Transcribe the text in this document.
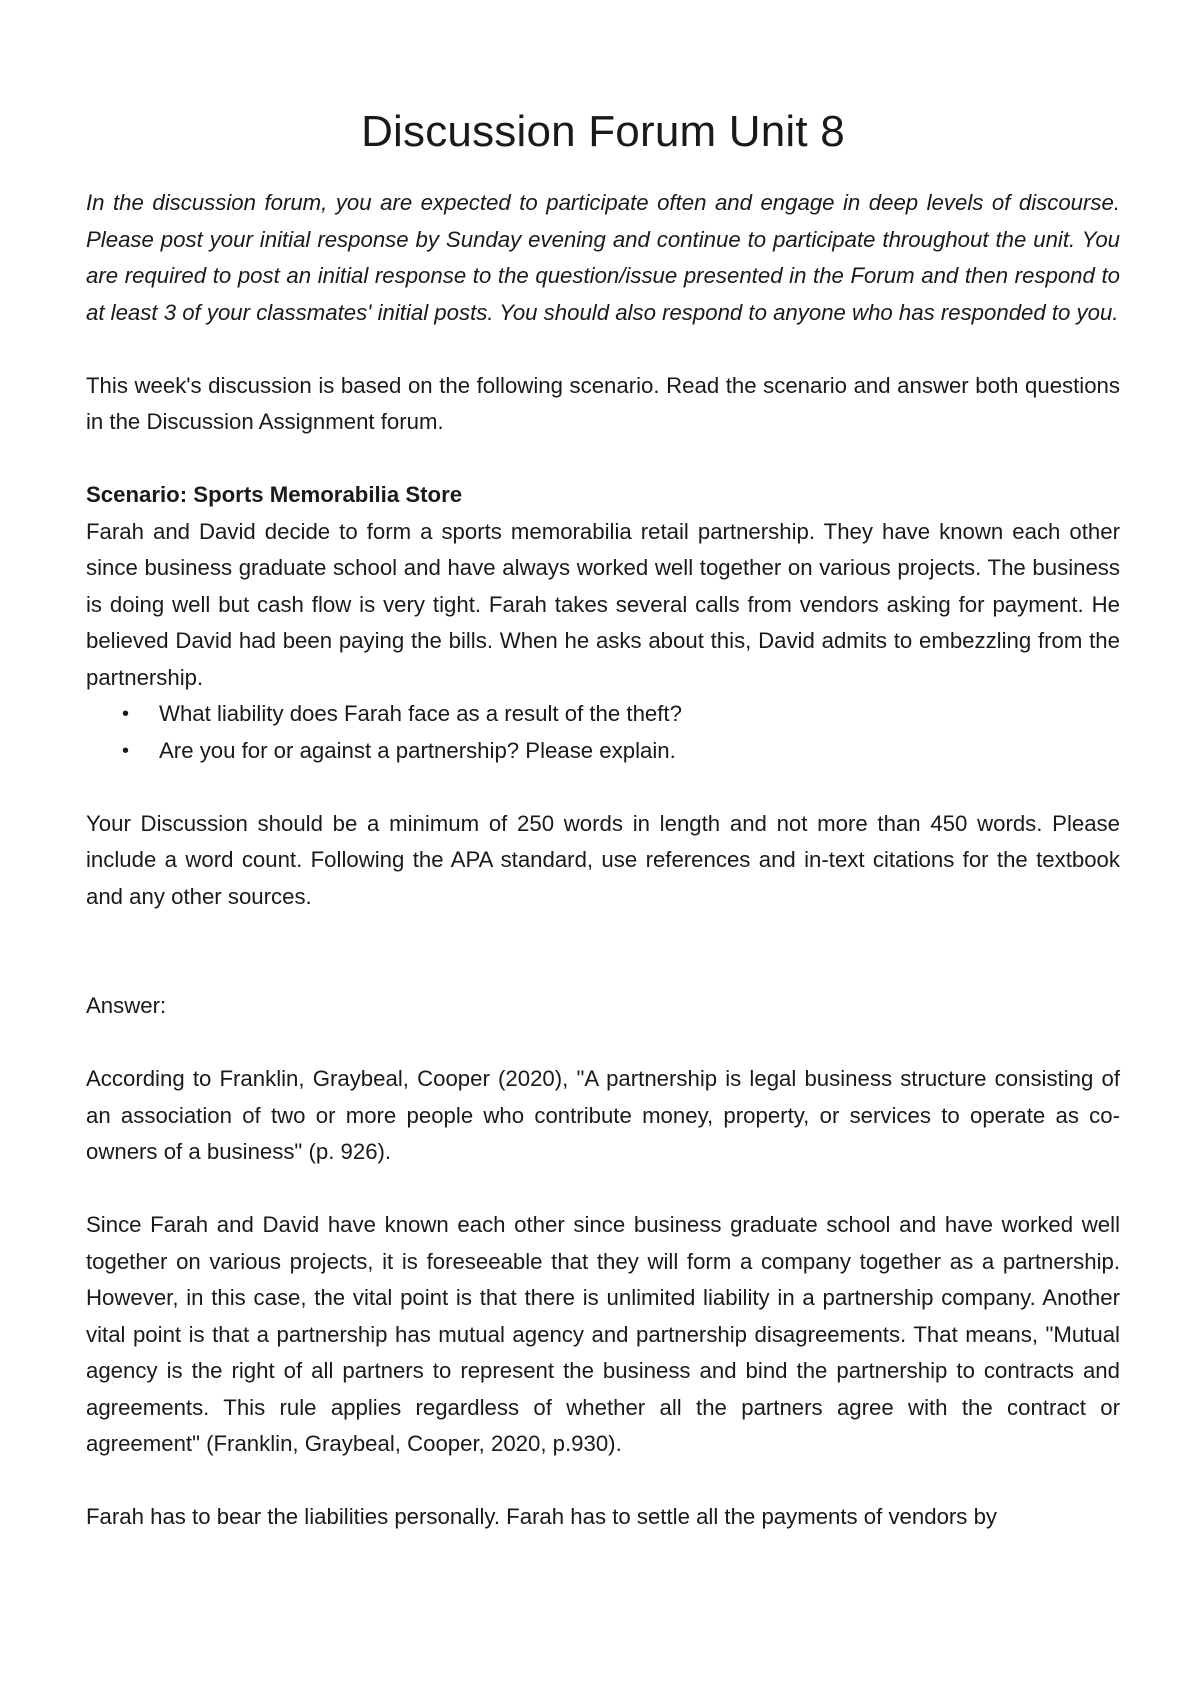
Discussion Forum Unit 8

In the discussion forum, you are expected to participate often and engage in deep levels of discourse. Please post your initial response by Sunday evening and continue to participate throughout the unit. You are required to post an initial response to the question/issue presented in the Forum and then respond to at least 3 of your classmates' initial posts. You should also respond to anyone who has responded to you.

This week's discussion is based on the following scenario. Read the scenario and answer both questions in the Discussion Assignment forum.

Scenario: Sports Memorabilia Store

Farah and David decide to form a sports memorabilia retail partnership. They have known each other since business graduate school and have always worked well together on various projects. The business is doing well but cash flow is very tight. Farah takes several calls from vendors asking for payment. He believed David had been paying the bills. When he asks about this, David admits to embezzling from the partnership.

• What liability does Farah face as a result of the theft?
• Are you for or against a partnership? Please explain.

Your Discussion should be a minimum of 250 words in length and not more than 450 words. Please include a word count. Following the APA standard, use references and in-text citations for the textbook and any other sources.

Answer:

According to Franklin, Graybeal, Cooper (2020), "A partnership is legal business structure consisting of an association of two or more people who contribute money, property, or services to operate as co-owners of a business" (p. 926).

Since Farah and David have known each other since business graduate school and have worked well together on various projects, it is foreseeable that they will form a company together as a partnership. However, in this case, the vital point is that there is unlimited liability in a partnership company. Another vital point is that a partnership has mutual agency and partnership disagreements. That means, "Mutual agency is the right of all partners to represent the business and bind the partnership to contracts and agreements. This rule applies regardless of whether all the partners agree with the contract or agreement" (Franklin, Graybeal, Cooper, 2020, p.930).

Farah has to bear the liabilities personally. Farah has to settle all the payments of vendors by
